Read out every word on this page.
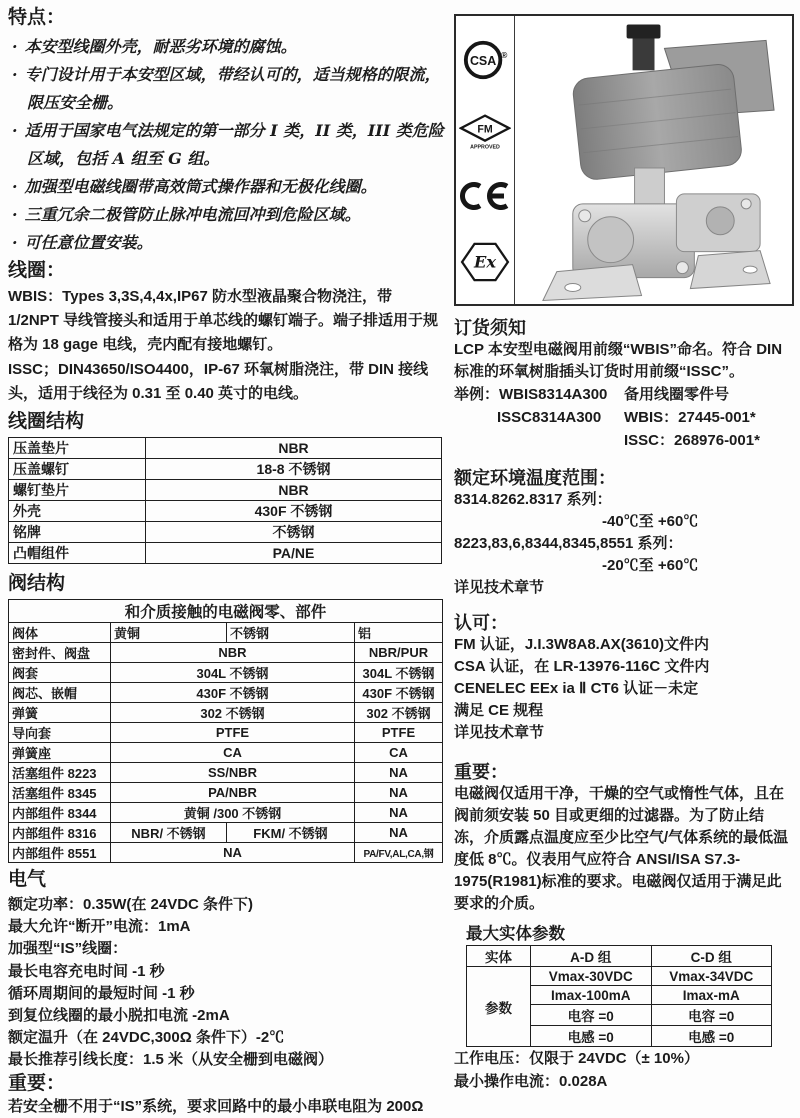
特点：
· 本安型线圈外壳，耐恶劣环境的腐蚀。
· 专门设计用于本安型区域，带经认可的，适当规格的限流，限压安全栅。
· 适用于国家电气法规定的第一部分 I 类，II 类，III 类危险区域，包括 A 组至 G 组。
· 加强型电磁线圈带高效筒式操作器和无极化线圈。
· 三重冗余二极管防止脉冲电流回冲到危险区域。
· 可任意位置安装。
线圈：

WBIS：Types 3,3S,4,4x,IP67 防水型液晶聚合物浇注，带 1/2NPT 导线管接头和适用于单芯线的螺钉端子。端子排适用于规格为 18 gage 电线，壳内配有接地螺钉。

ISSC；DIN43650/ISO4400，IP-67 环氧树脂浇注，带 DIN 接线头，适用于线径为 0.31 至 0.40 英寸的电线。

线圈结构
压盖垫片	NBR
压盖螺钉	18-8 不锈钢
螺钉垫片	NBR
外壳	430F 不锈钢
铭牌	不锈钢
凸帽组件	PA/NE
阀结构
和介质接触的电磁阀零、部件			
阀体	黄铜	不锈钢	铝
密封件、阀盘	NBR		NBR/PUR
阀套	304L 不锈钢		304L 不锈钢
阀芯、嵌帽	430F 不锈钢		430F 不锈钢
弹簧	302 不锈钢		302 不锈钢
导向套	PTFE		PTFE
弹簧座	CA		CA
活塞组件 8223	SS/NBR		NA
活塞组件 8345	PA/NBR		NA
内部组件 8344	黄铜 /300 不锈钢		NA
内部组件 8316	NBR/ 不锈钢	FKM/ 不锈钢	NA
内部组件 8551	NA		PA/FV,AL,CA,钢
电气
额定功率：0.35W(在 24VDC 条件下)
最大允许“断开”电流：1mA
加强型“IS”线圈：
最长电容充电时间 -1 秒
循环周期间的最短时间 -1 秒
到复位线圈的最小脱扣电流 -2mA
额定温升（在 24VDC,300Ω 条件下）-2℃
最长推荐引线长度：1.5 米（从安全栅到电磁阀）
重要：
若安全栅不用于“IS”系统，要求回路中的最小串联电阻为 200Ω
CSA ®
FM
APPROVED
Ex
订货须知
LCP 本安型电磁阀用前缀“WBIS”命名。符合 DIN 标准的环氧树脂插头订货时用前缀“ISSC”。
举例：WBIS8314A300	备用线圈零件号
ISSC8314A300	WBIS：27445-001*
ISSC：268976-001*
额定环境温度范围：
8314.8262.8317 系列：
-40℃至 +60℃
8223,83,6,8344,8345,8551 系列：
-20℃至 +60℃
详见技术章节
认可：
FM 认证，J.I.3W8A8.AX(3610)文件内
CSA 认证，在 LR-13976-116C 文件内
CENELEC EEx ia Ⅱ CT6 认证－未定
满足 CE 规程
详见技术章节
重要：
电磁阀仅适用干净，干燥的空气或惰性气体，且在阀前须安装 50 目或更细的过滤器。为了防止结 冻，介质露点温度应至少比空气/气体系统的最低温度低 8℃。仪表用气应符合 ANSI/ISA S7.3-1975(R1981)标准的要求。电磁阀仅适用于满足此要求的介质。
最大实体参数
实体	A-D 组	C-D 组
参数	Vmax-30VDC	Vmax-34VDC
	Imax-100mA	Imax-mA
	电容 =0	电容 =0
	电感 =0	电感 =0
工作电压：仅限于 24VDC（± 10%）
最小操作电流：0.028A
